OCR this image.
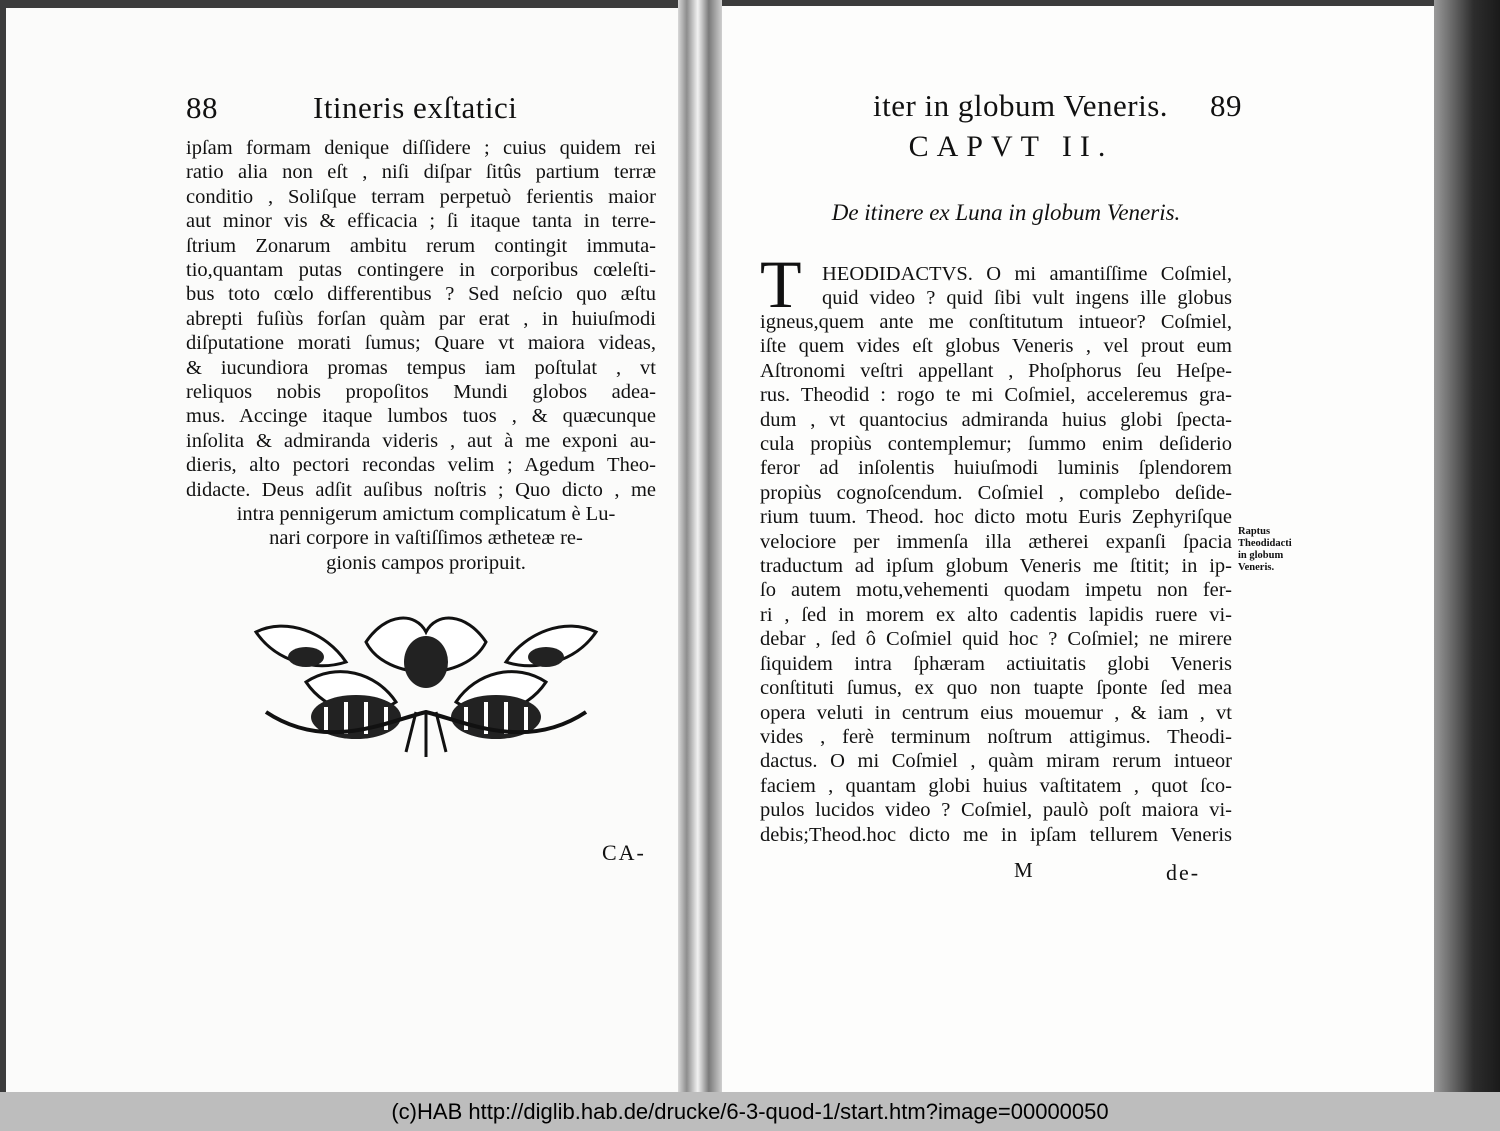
88	Itineris exſtatici
ipſam formam denique diſſidere ; cuius quidem rei
ratio alia non eſt , niſi diſpar ſitûs partium terræ
conditio , Soliſque terram perpetuò ferientis maior
aut minor vis & efficacia ; ſi itaque tanta in terre-
ſtrium Zonarum ambitu rerum contingit immuta-
tio,quantam putas contingere in corporibus cœleſti-
bus toto cœlo differentibus ? Sed neſcio quo æſtu
abrepti fuſiùs forſan quàm par erat , in huiuſmodi
diſputatione morati ſumus; Quare vt maiora videas,
& iucundiora promas tempus iam poſtulat , vt
reliquos nobis propoſitos Mundi globos adea-
mus. Accinge itaque lumbos tuos , & quæcunque
inſolita & admiranda videris , aut à me exponi au-
dieris, alto pectori recondas velim ; Agedum Theo-
didacte. Deus adſit auſibus noſtris ; Quo dicto , me
intra pennigerum amictum complicatum è Lu-
nari corpore in vaſtiſſimos ætheteæ re-
gionis campos proripuit.
CA-
iter in globum Veneris. 89
CAPVT II.
De itinere ex Luna in globum Veneris.
T HEODIDACTVS. O mi amantiſſime Coſmiel,
quid video ? quid ſibi vult ingens ille globus
igneus,quem ante me conſtitutum intueor? Coſmiel,
iſte quem vides eſt globus Veneris , vel prout eum
Aſtronomi veſtri appellant , Phoſphorus ſeu Heſpe-
rus. Theodid : rogo te mi Coſmiel, acceleremus gra-
dum , vt quantocius admiranda huius globi ſpecta-
cula propiùs contemplemur; ſummo enim deſiderio
feror ad inſolentis huiuſmodi luminis ſplendorem
propiùs cognoſcendum. Coſmiel , complebo deſide-
rium tuum. Theod. hoc dicto motu Euris Zephyriſque
velociore per immenſa illa ætherei expanſi ſpacia
traductum ad ipſum globum Veneris me ſtitit; in ip-
ſo autem motu,vehementi quodam impetu non fer-
ri , ſed in morem ex alto cadentis lapidis ruere vi-
debar , ſed ô Coſmiel quid hoc ? Coſmiel; ne mirere
ſiquidem intra ſphæram actiuitatis globi Veneris
conſtituti ſumus, ex quo non tuapte ſponte ſed mea
opera veluti in centrum eius mouemur , & iam , vt
vides , ferè terminum noſtrum attigimus. Theodi-
dactus. O mi Coſmiel , quàm miram rerum intueor
faciem , quantam globi huius vaſtitatem , quot ſco-
pulos lucidos video ? Coſmiel, paulò poſt maiora vi-
debis;Theod.hoc dicto me in ipſam tellurem Veneris
Raptus
Theodidacti
in globum
Veneris.
M	de-
(c)HAB http://diglib.hab.de/drucke/6-3-quod-1/start.htm?image=00000050
